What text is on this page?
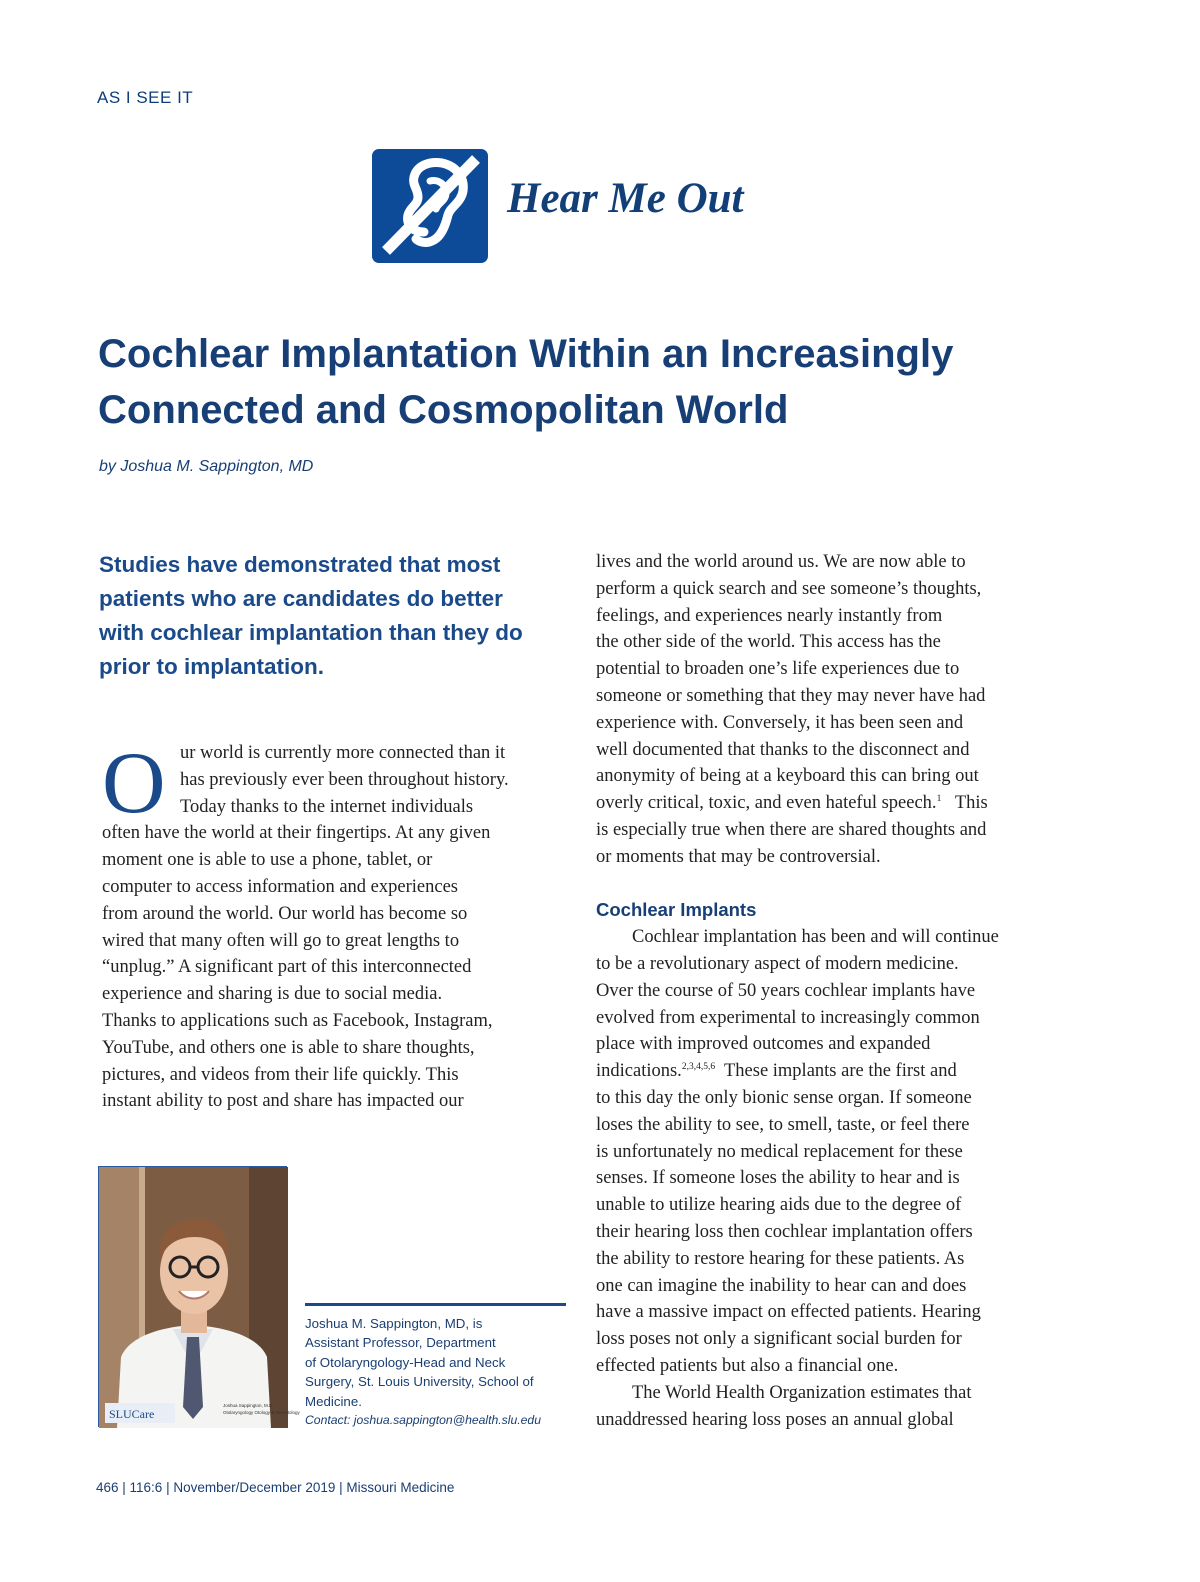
AS I SEE IT
Hear Me Out
Cochlear Implantation Within an Increasingly
Connected and Cosmopolitan World
by Joshua M. Sappington, MD

Studies have demonstrated that most
patients who are candidates do better
with cochlear implantation than they do
prior to implantation.

O ur world is currently more connected than it
has previously ever been throughout history.
Today thanks to the internet individuals
often have the world at their fingertips. At any given
moment one is able to use a phone, tablet, or
computer to access information and experiences
from around the world. Our world has become so
wired that many often will go to great lengths to
“unplug.” A significant part of this interconnected
experience and sharing is due to social media.
Thanks to applications such as Facebook, Instagram,
YouTube, and others one is able to share thoughts,
pictures, and videos from their life quickly. This
instant ability to post and share has impacted our
SLUCare
Joshua Sappington, M.D.
Otolaryngology Otology & Neurotology
Joshua M. Sappington, MD, is
Assistant Professor, Department
of Otolaryngology-Head and Neck
Surgery, St. Louis University, School of
Medicine.
Contact: joshua.sappington@health.slu.edu
lives and the world around us. We are now able to
perform a quick search and see someone’s thoughts,
feelings, and experiences nearly instantly from
the other side of the world. This access has the
potential to broaden one’s life experiences due to
someone or something that they may never have had
experience with. Conversely, it has been seen and
well documented that thanks to the disconnect and
anonymity of being at a keyboard this can bring out
overly critical, toxic, and even hateful speech.$^1$   This
is especially true when there are shared thoughts and
or moments that may be controversial.
Cochlear Implants
Cochlear implantation has been and will continue
to be a revolutionary aspect of modern medicine.
Over the course of 50 years cochlear implants have
evolved from experimental to increasingly common
place with improved outcomes and expanded
indications.$^{2,3,4,5,6}$  These implants are the first and
to this day the only bionic sense organ. If someone
loses the ability to see, to smell, taste, or feel there
is unfortunately no medical replacement for these
senses. If someone loses the ability to hear and is
unable to utilize hearing aids due to the degree of
their hearing loss then cochlear implantation offers
the ability to restore hearing for these patients. As
one can imagine the inability to hear can and does
have a massive impact on effected patients. Hearing
loss poses not only a significant social burden for
effected patients but also a financial one.
The World Health Organization estimates that
unaddressed hearing loss poses an annual global
466 | 116:6 | November/December 2019 | Missouri Medicine
